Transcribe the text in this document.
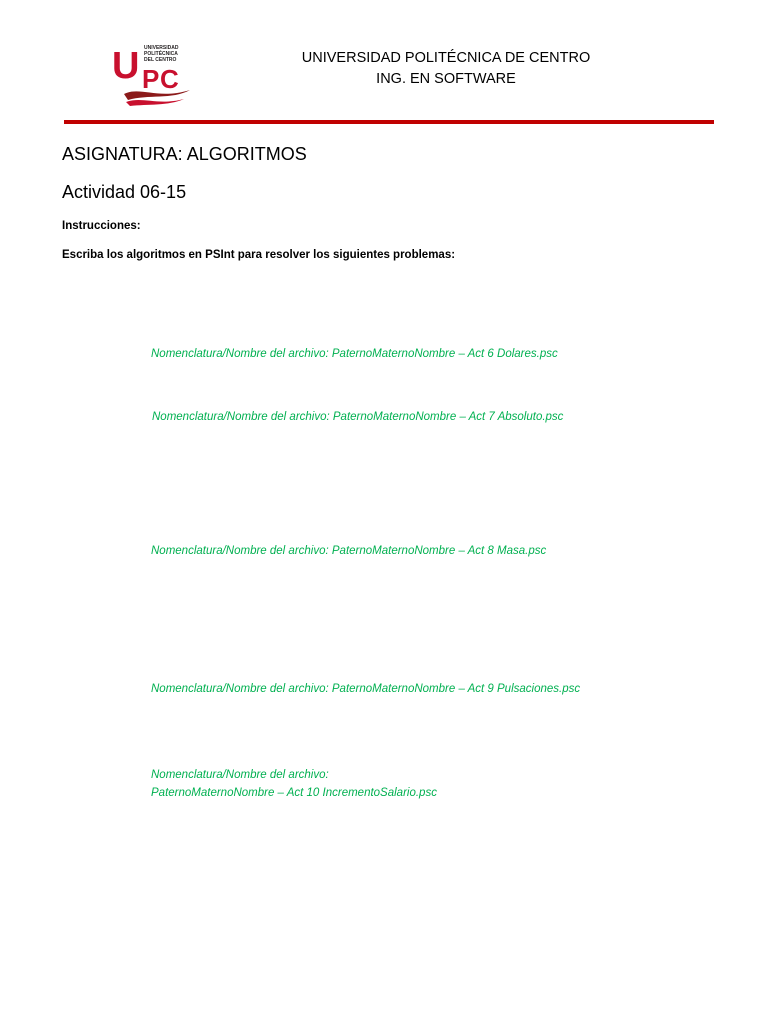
U UNIVERSIDAD
POLITÉCNICA
DEL CENTRO
P C
UNIVERSIDAD POLITÉCNICA DE CENTRO
ING. EN SOFTWARE
ASIGNATURA: ALGORITMOS
Actividad 06-15
Instrucciones:
Escriba los algoritmos en PSInt para resolver los siguientes problemas:
Nomenclatura/Nombre del archivo: PaternoMaternoNombre – Act 6 Dolares.psc
Nomenclatura/Nombre del archivo: PaternoMaternoNombre – Act 7 Absoluto.psc
Nomenclatura/Nombre del archivo: PaternoMaternoNombre – Act 8 Masa.psc
Nomenclatura/Nombre del archivo: PaternoMaternoNombre – Act 9 Pulsaciones.psc
Nomenclatura/Nombre del archivo:
PaternoMaternoNombre – Act 10 IncrementoSalario.psc
